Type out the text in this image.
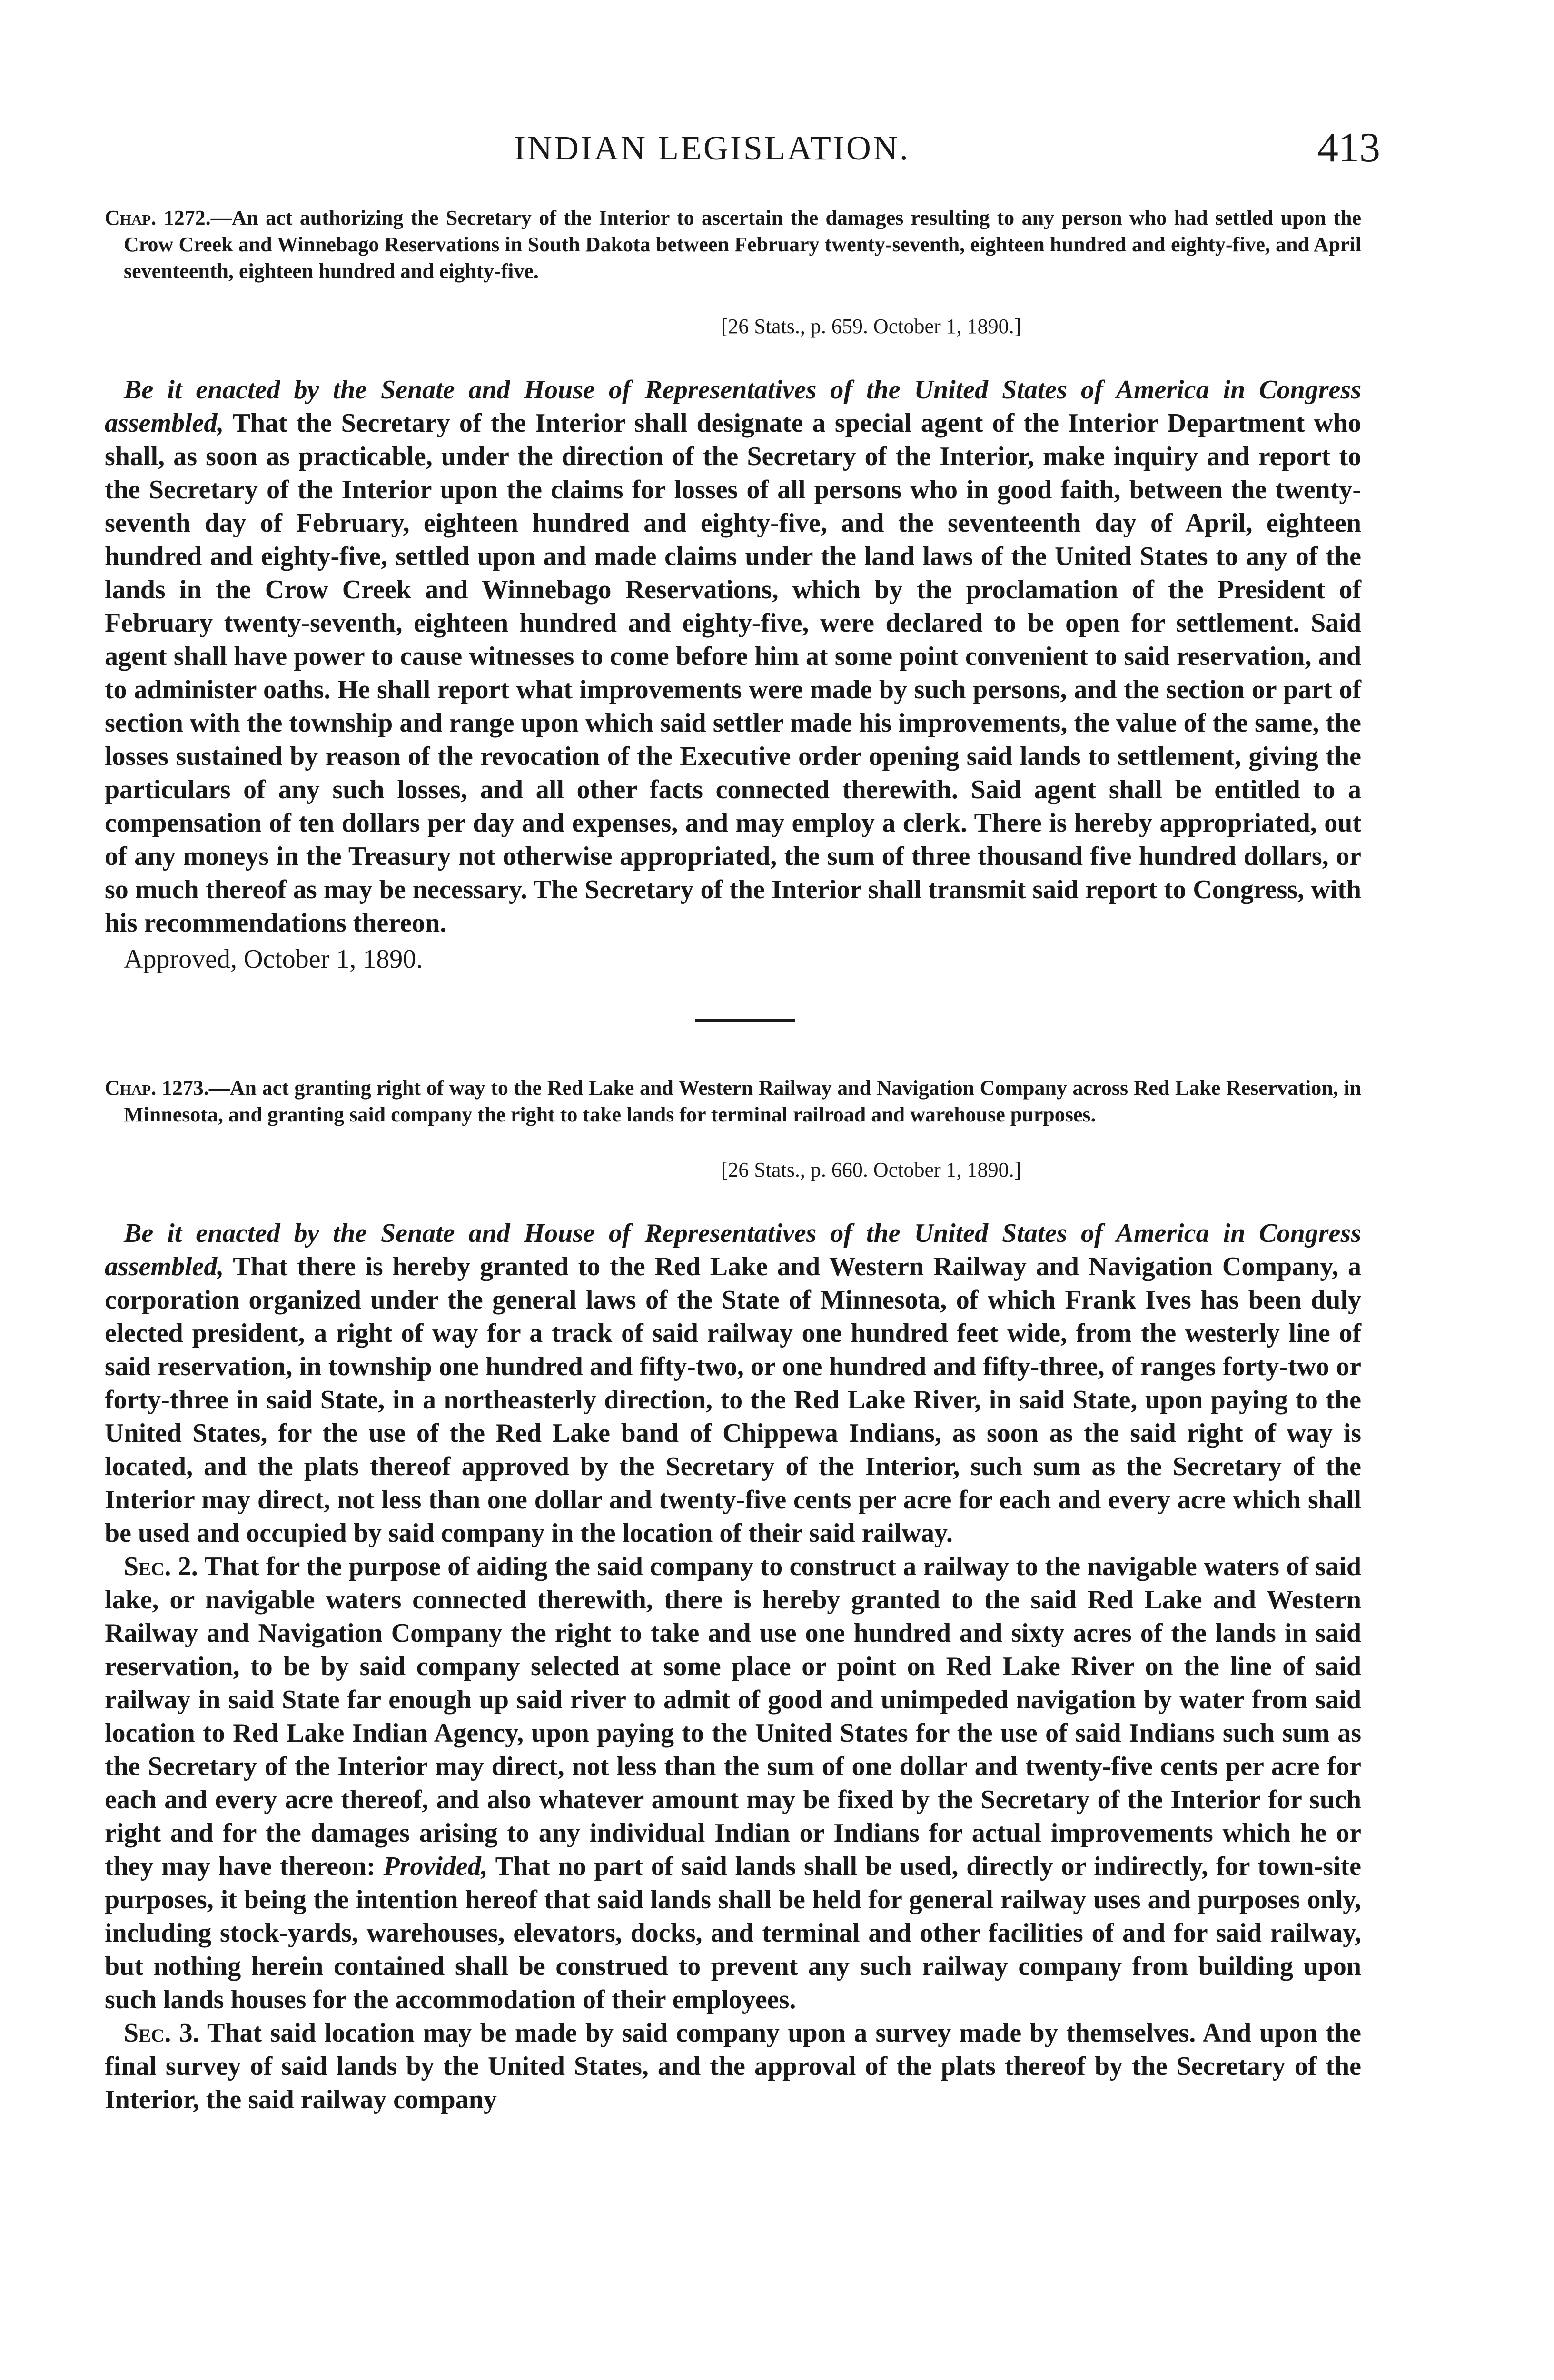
INDIAN LEGISLATION.	413

Chap. 1272.—An act authorizing the Secretary of the Interior to ascertain the damages resulting to any person who had settled upon the Crow Creek and Winnebago Reservations in South Dakota between February twenty-seventh, eighteen hundred and eighty-five, and April seventeenth, eighteen hundred and eighty-five.

[26 Stats., p. 659. October 1, 1890.]

Be it enacted by the Senate and House of Representatives of the United States of America in Congress assembled, That the Secretary of the Interior shall designate a special agent of the Interior Department who shall, as soon as practicable, under the direction of the Secretary of the Interior, make inquiry and report to the Secretary of the Interior upon the claims for losses of all persons who in good faith, between the twenty-seventh day of February, eighteen hundred and eighty-five, and the seventeenth day of April, eighteen hundred and eighty-five, settled upon and made claims under the land laws of the United States to any of the lands in the Crow Creek and Winnebago Reservations, which by the proclamation of the President of February twenty-seventh, eighteen hundred and eighty-five, were declared to be open for settlement. Said agent shall have power to cause witnesses to come before him at some point convenient to said reservation, and to administer oaths. He shall report what improvements were made by such persons, and the section or part of section with the township and range upon which said settler made his improvements, the value of the same, the losses sustained by reason of the revocation of the Executive order opening said lands to settlement, giving the particulars of any such losses, and all other facts connected therewith. Said agent shall be entitled to a compensation of ten dollars per day and expenses, and may employ a clerk. There is hereby appropriated, out of any moneys in the Treasury not otherwise appropriated, the sum of three thousand five hundred dollars, or so much thereof as may be necessary. The Secretary of the Interior shall transmit said report to Congress, with his recommendations thereon.

Approved, October 1, 1890.

Chap. 1273.—An act granting right of way to the Red Lake and Western Railway and Navigation Company across Red Lake Reservation, in Minnesota, and granting said company the right to take lands for terminal railroad and warehouse purposes.

[26 Stats., p. 660. October 1, 1890.]

Be it enacted by the Senate and House of Representatives of the United States of America in Congress assembled, That there is hereby granted to the Red Lake and Western Railway and Navigation Company, a corporation organized under the general laws of the State of Minnesota, of which Frank Ives has been duly elected president, a right of way for a track of said railway one hundred feet wide, from the westerly line of said reservation, in township one hundred and fifty-two, or one hundred and fifty-three, of ranges forty-two or forty-three in said State, in a northeasterly direction, to the Red Lake River, in said State, upon paying to the United States, for the use of the Red Lake band of Chippewa Indians, as soon as the said right of way is located, and the plats thereof approved by the Secretary of the Interior, such sum as the Secretary of the Interior may direct, not less than one dollar and twenty-five cents per acre for each and every acre which shall be used and occupied by said company in the location of their said railway.

Sec. 2. That for the purpose of aiding the said company to construct a railway to the navigable waters of said lake, or navigable waters connected therewith, there is hereby granted to the said Red Lake and Western Railway and Navigation Company the right to take and use one hundred and sixty acres of the lands in said reservation, to be by said company selected at some place or point on Red Lake River on the line of said railway in said State far enough up said river to admit of good and unimpeded navigation by water from said location to Red Lake Indian Agency, upon paying to the United States for the use of said Indians such sum as the Secretary of the Interior may direct, not less than the sum of one dollar and twenty-five cents per acre for each and every acre thereof, and also whatever amount may be fixed by the Secretary of the Interior for such right and for the damages arising to any individual Indian or Indians for actual improvements which he or they may have thereon: Provided, That no part of said lands shall be used, directly or indirectly, for town-site purposes, it being the intention hereof that said lands shall be held for general railway uses and purposes only, including stock-yards, warehouses, elevators, docks, and terminal and other facilities of and for said railway, but nothing herein contained shall be construed to prevent any such railway company from building upon such lands houses for the accommodation of their employees.

Sec. 3. That said location may be made by said company upon a survey made by themselves. And upon the final survey of said lands by the United States, and the approval of the plats thereof by the Secretary of the Interior, the said railway company
